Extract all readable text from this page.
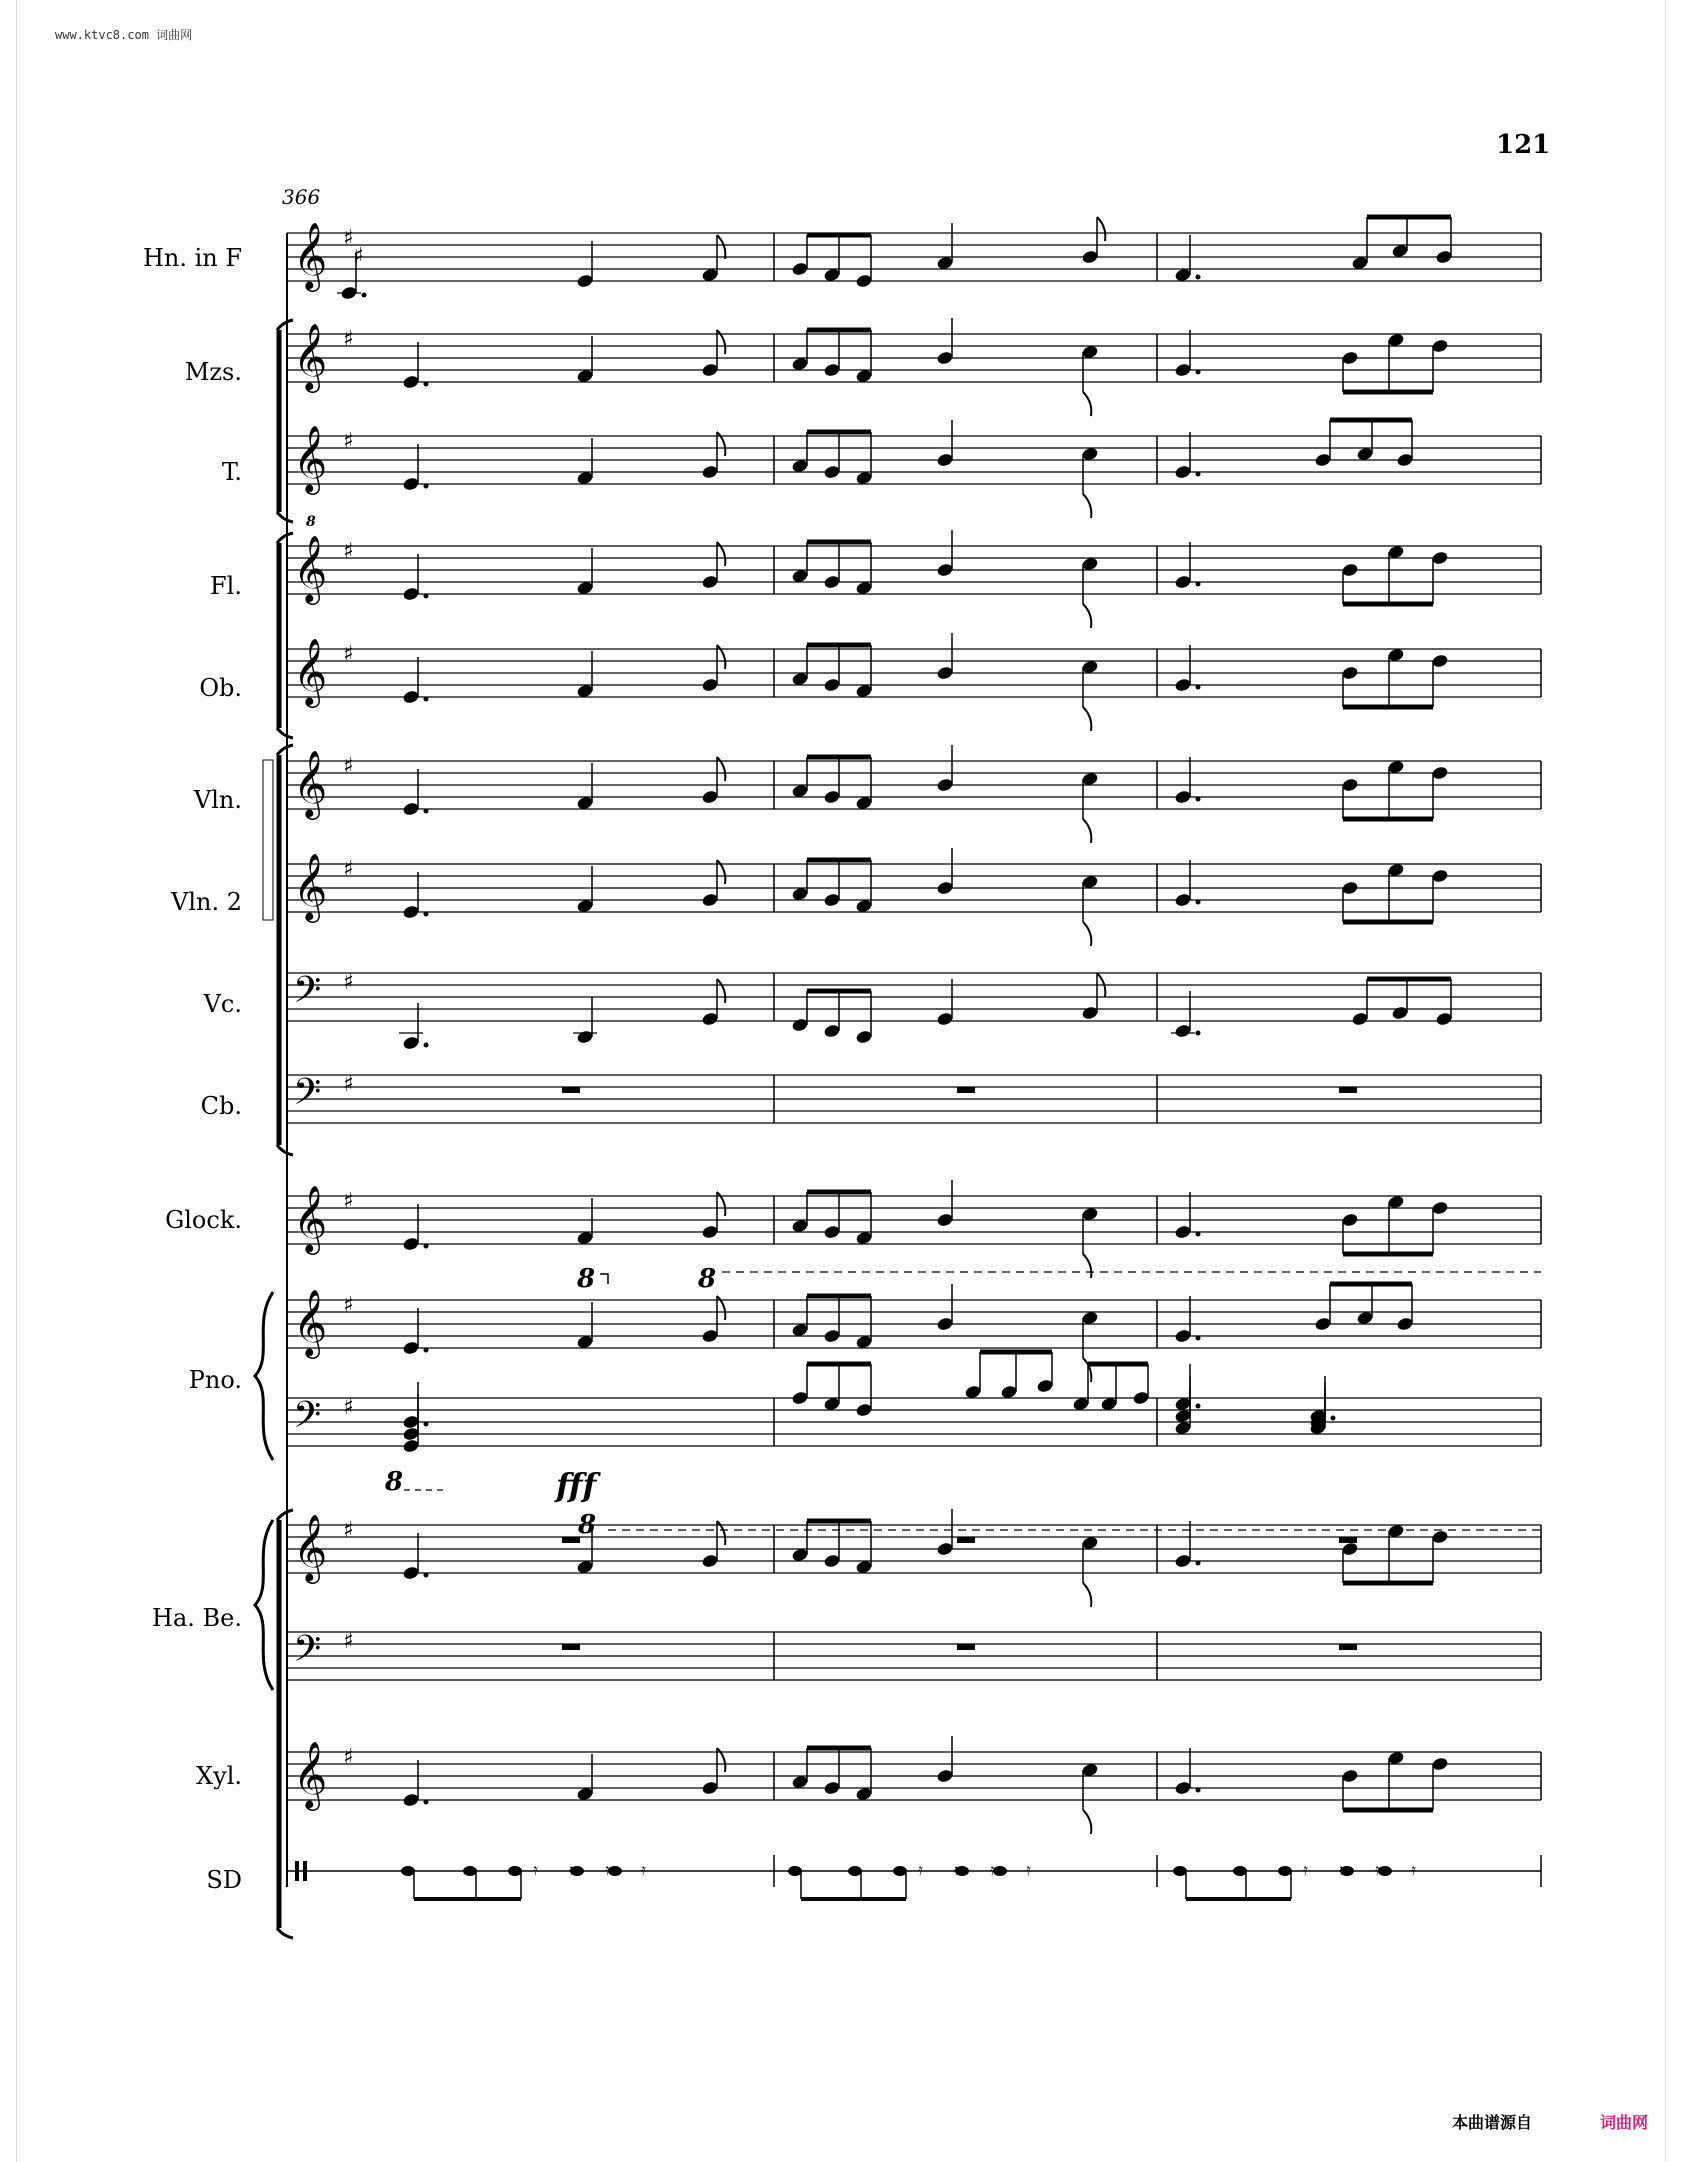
www.ktvc8.com 词曲网
121
366
Hn. in F
Mzs.
T.
Fl.
Ob.
Vln.
Vln. 2
Vc.
Cb.
Glock.
Pno.
Ha. Be.
Xyl.
SD
𝄞 ♯
♯
𝄞 ♯
𝄞 ♯
𝄞 ♯
𝄞 ♯
𝄞 ♯
𝄞 ♯
𝄢 ♯
𝄢 ♯
𝄞 ♯
𝄞 ♯
𝄢 ♯
𝄞 ♯
𝄢 ♯
𝄞 ♯
𝄿 𝄿 𝄿 𝄿	𝄿 𝄿 𝄿 𝄿	𝄿 𝄿 𝄿 𝄿
8	8
8	fff
8
8
本曲谱源自	词曲网
